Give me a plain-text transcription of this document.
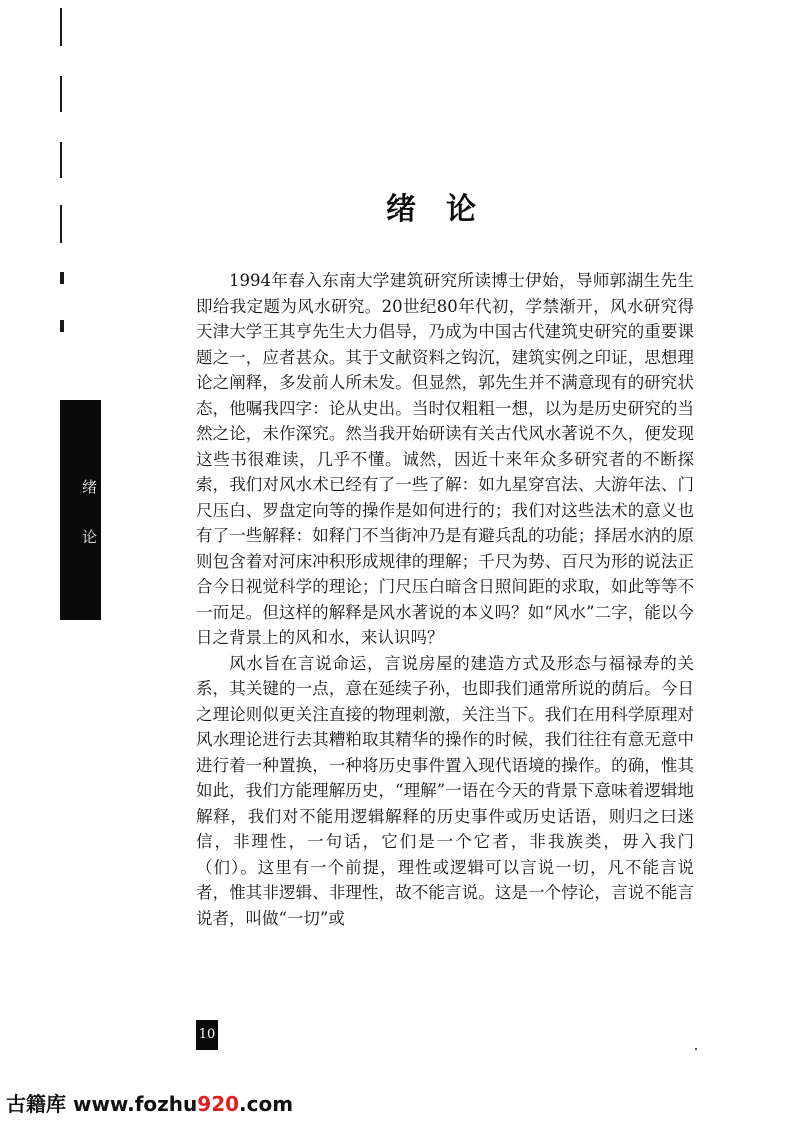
绪
论
绪论

1994年春入东南大学建筑研究所读博士伊始，导师郭湖生先生即给我定题为风水研究。20世纪80年代初，学禁渐开，风水研究得天津大学王其亨先生大力倡导，乃成为中国古代建筑史研究的重要课题之一，应者甚众。其于文献资料之钩沉，建筑实例之印证，思想理论之阐释，多发前人所未发。但显然，郭先生并不满意现有的研究状态，他嘱我四字：论从史出。当时仅粗粗一想，以为是历史研究的当然之论，未作深究。然当我开始研读有关古代风水著说不久，便发现这些书很难读，几乎不懂。诚然，因近十来年众多研究者的不断探索，我们对风水术已经有了一些了解：如九星穿宫法、大游年法、门尺压白、罗盘定向等的操作是如何进行的；我们对这些法术的意义也有了一些解释：如释门不当街冲乃是有避兵乱的功能；择居水汭的原则包含着对河床冲积形成规律的理解；千尺为势、百尺为形的说法正合今日视觉科学的理论；门尺压白暗含日照间距的求取，如此等等不一而足。但这样的解释是风水著说的本义吗？如“风水”二字，能以今日之背景上的风和水，来认识吗？

风水旨在言说命运，言说房屋的建造方式及形态与福禄寿的关系，其关键的一点，意在延续子孙，也即我们通常所说的荫后。今日之理论则似更关注直接的物理刺激，关注当下。我们在用科学原理对风水理论进行去其糟粕取其精华的操作的时候，我们往往有意无意中进行着一种置换，一种将历史事件置入现代语境的操作。的确，惟其如此，我们方能理解历史，“理解”一语在今天的背景下意味着逻辑地解释，我们对不能用逻辑解释的历史事件或历史话语，则归之曰迷信，非理性，一句话，它们是一个它者，非我族类，毋入我门（们）。这里有一个前提，理性或逻辑可以言说一切，凡不能言说者，惟其非逻辑、非理性，故不能言说。这是一个悖论，言说不能言说者，叫做“一切”或

10
古籍库 www.fozhu920.com
